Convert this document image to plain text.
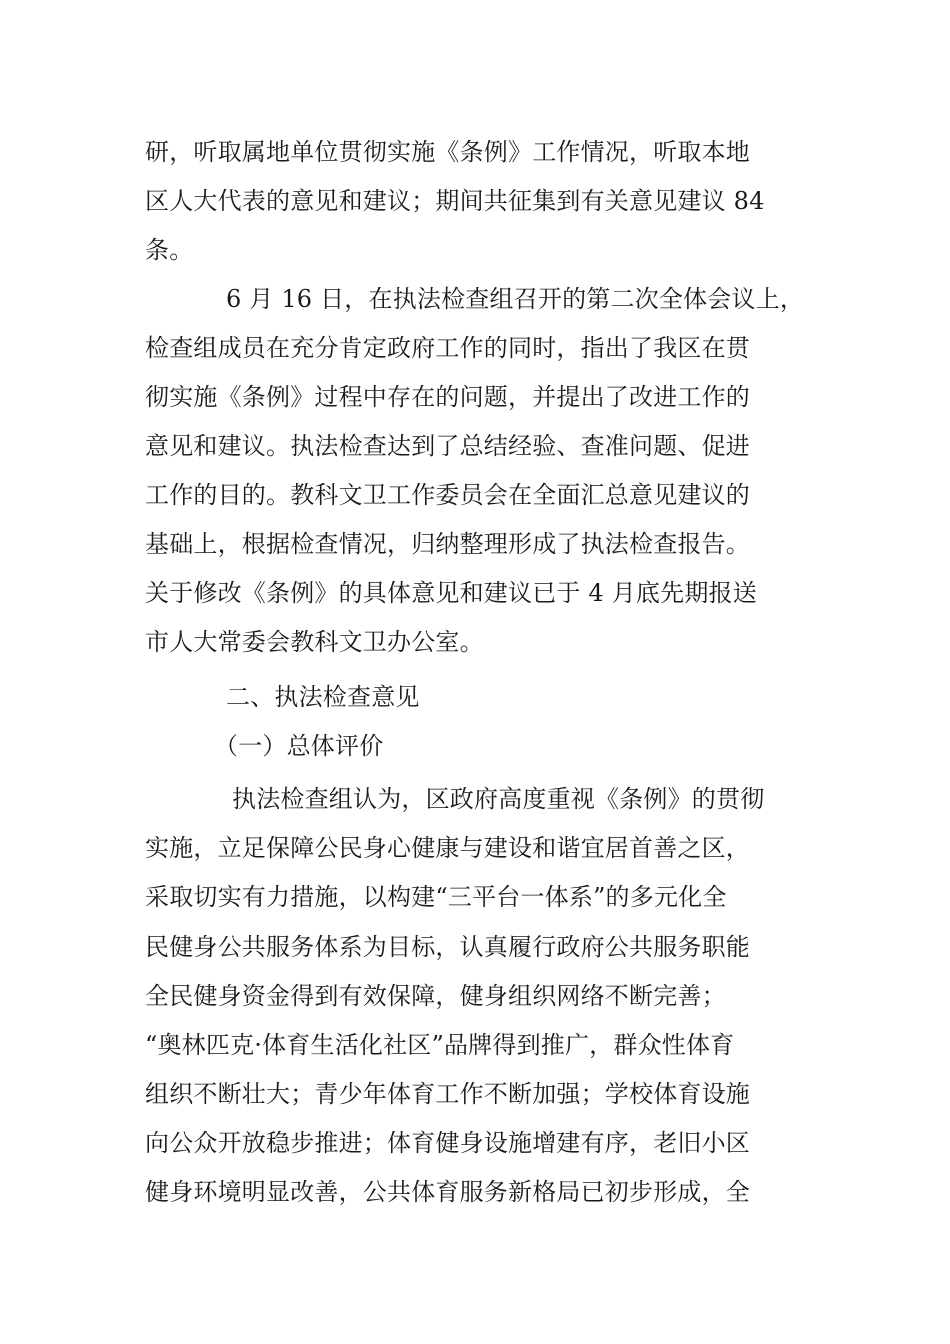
研，听取属地单位贯彻实施《条例》工作情况，听取本地
区人大代表的意见和建议；期间共征集到有关意见建议 84
条。
6 月 16 日，在执法检查组召开的第二次全体会议上，
检查组成员在充分肯定政府工作的同时，指出了我区在贯
彻实施《条例》过程中存在的问题，并提出了改进工作的
意见和建议。执法检查达到了总结经验、查准问题、促进
工作的目的。教科文卫工作委员会在全面汇总意见建议的
基础上，根据检查情况，归纳整理形成了执法检查报告。
关于修改《条例》的具体意见和建议已于 4 月底先期报送
市人大常委会教科文卫办公室。
二、执法检查意见
（一）总体评价
执法检查组认为，区政府高度重视《条例》的贯彻
实施，立足保障公民身心健康与建设和谐宜居首善之区，
采取切实有力措施，以构建“三平台一体系”的多元化全
民健身公共服务体系为目标，认真履行政府公共服务职能
全民健身资金得到有效保障，健身组织网络不断完善；
“奥林匹克·体育生活化社区”品牌得到推广，群众性体育
组织不断壮大；青少年体育工作不断加强；学校体育设施
向公众开放稳步推进；体育健身设施增建有序，老旧小区
健身环境明显改善，公共体育服务新格局已初步形成，全
